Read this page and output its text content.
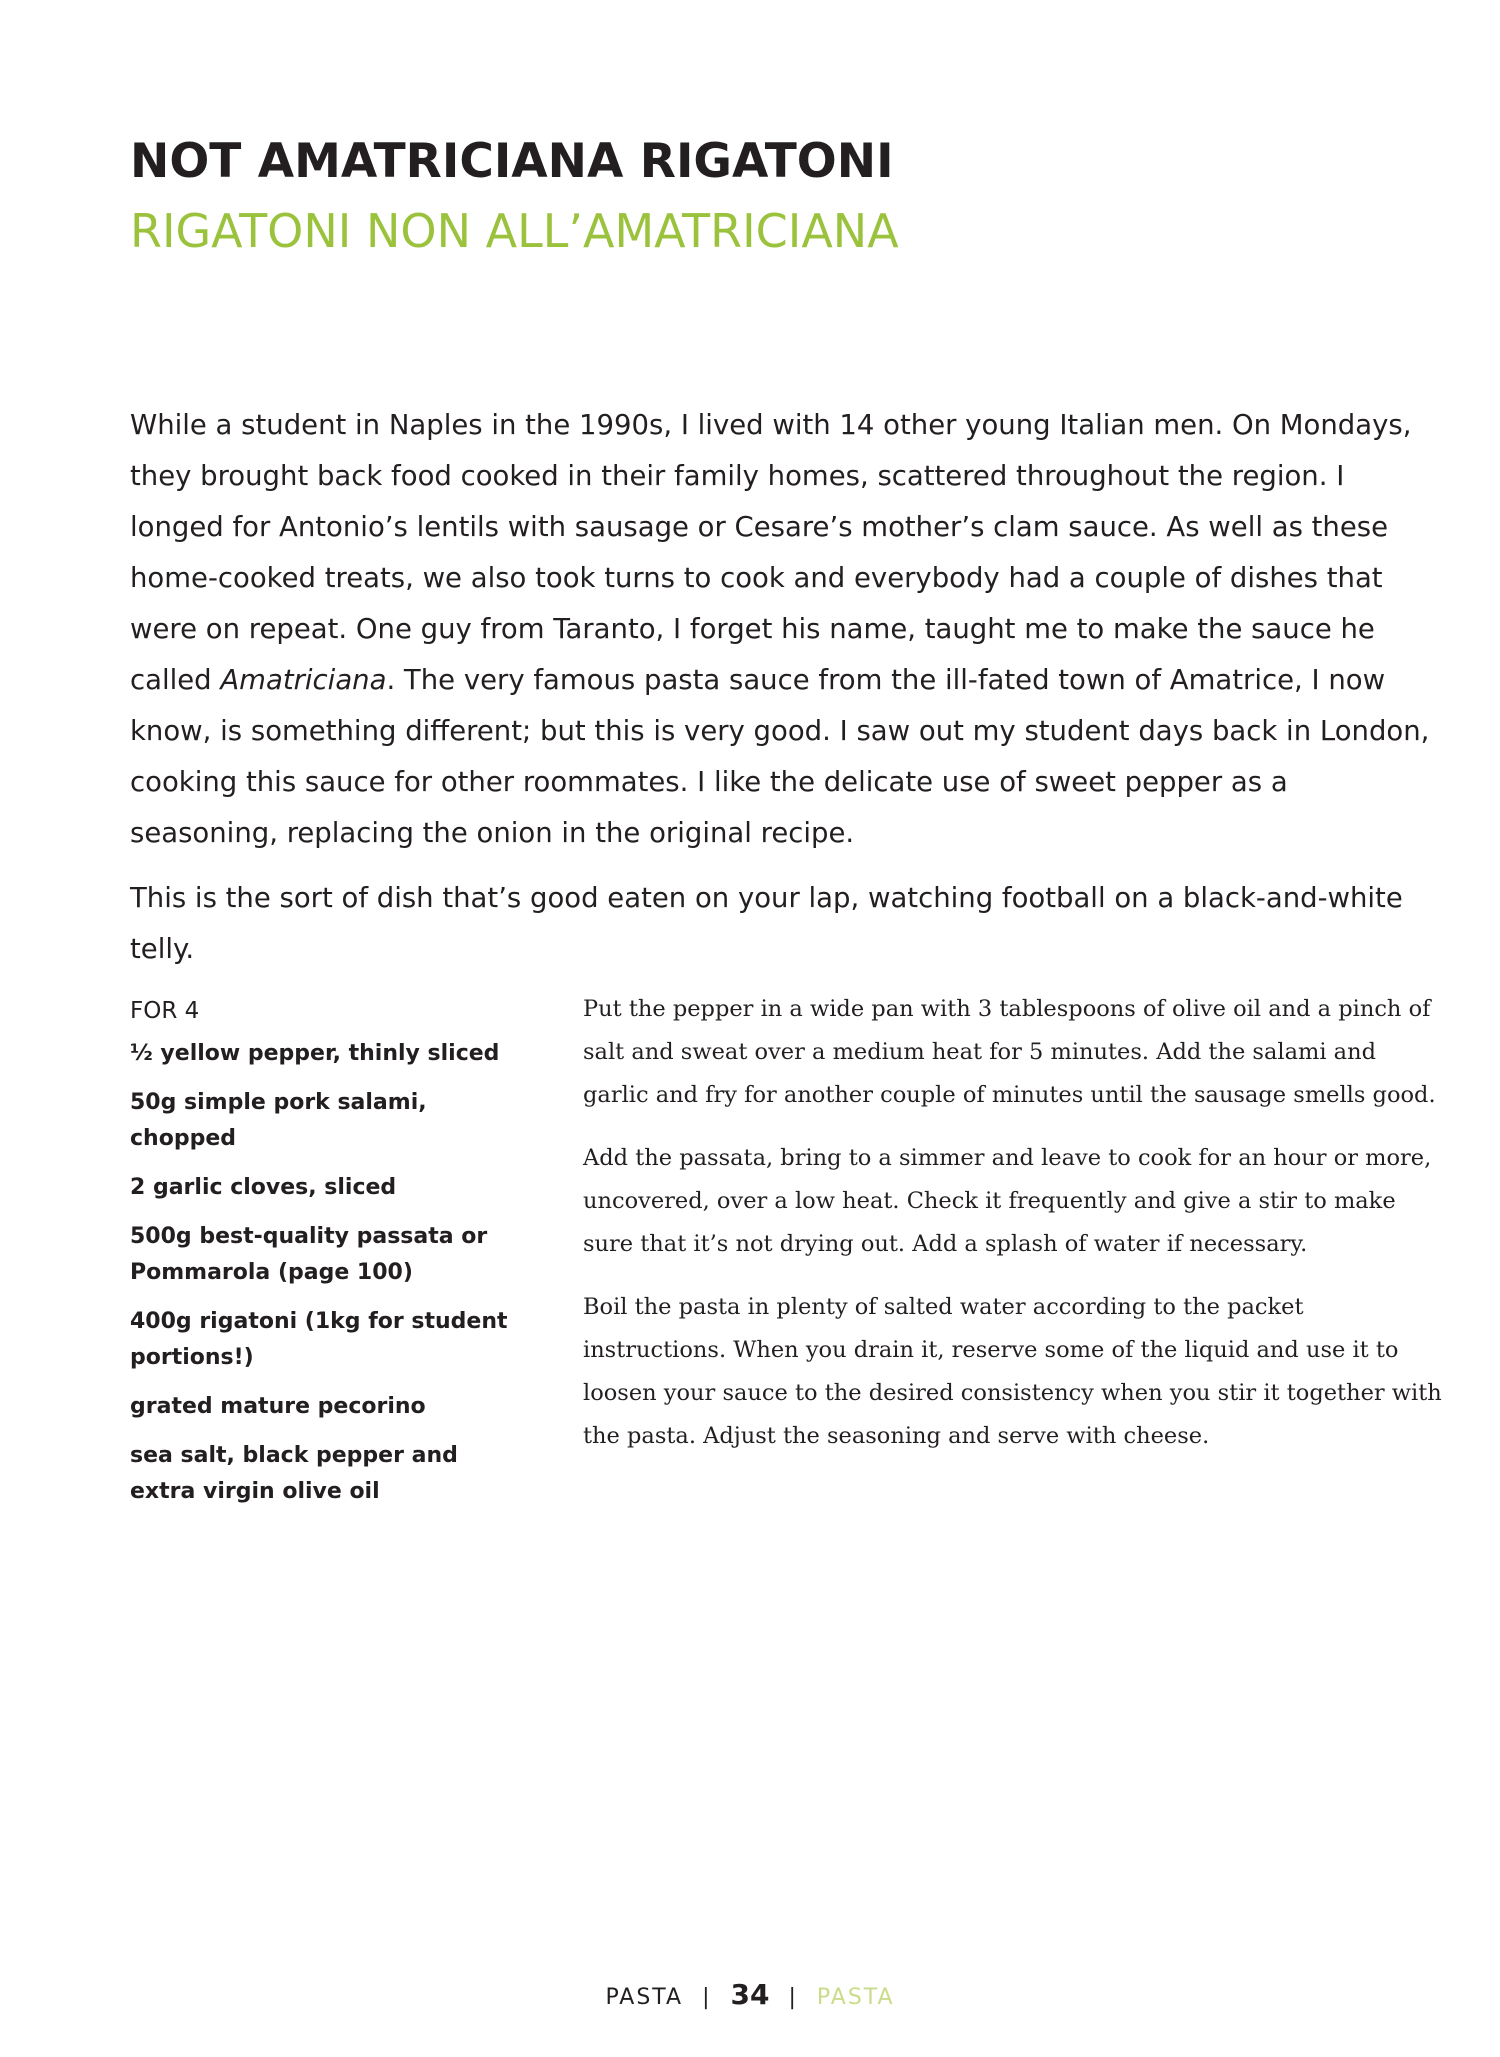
NOT AMATRICIANA RIGATONI
RIGATONI NON ALL’AMATRICIANA

While a student in Naples in the 1990s, I lived with 14 other young Italian men. On Mondays, they brought back food cooked in their family homes, scattered throughout the region. I longed for Antonio’s lentils with sausage or Cesare’s mother’s clam sauce. As well as these home-cooked treats, we also took turns to cook and everybody had a couple of dishes that were on repeat. One guy from Taranto, I forget his name, taught me to make the sauce he called Amatriciana. The very famous pasta sauce from the ill-fated town of Amatrice, I now know, is something different; but this is very good. I saw out my student days back in London, cooking this sauce for other roommates. I like the delicate use of sweet pepper as a seasoning, replacing the onion in the original recipe.

This is the sort of dish that’s good eaten on your lap, watching football on a black-and-white telly.

FOR 4
½ yellow pepper, thinly sliced
50g simple pork salami, chopped
2 garlic cloves, sliced
500g best-quality passata or Pommarola (page 100)
400g rigatoni (1kg for student portions!)
grated mature pecorino
sea salt, black pepper and extra virgin olive oil

Put the pepper in a wide pan with 3 tablespoons of olive oil and a pinch of salt and sweat over a medium heat for 5 minutes. Add the salami and garlic and fry for another couple of minutes until the sausage smells good.

Add the passata, bring to a simmer and leave to cook for an hour or more, uncovered, over a low heat. Check it frequently and give a stir to make sure that it’s not drying out. Add a splash of water if necessary.

Boil the pasta in plenty of salted water according to the packet instructions. When you drain it, reserve some of the liquid and use it to loosen your sauce to the desired consistency when you stir it together with the pasta. Adjust the seasoning and serve with cheese.

PASTA | 34 | PASTA
